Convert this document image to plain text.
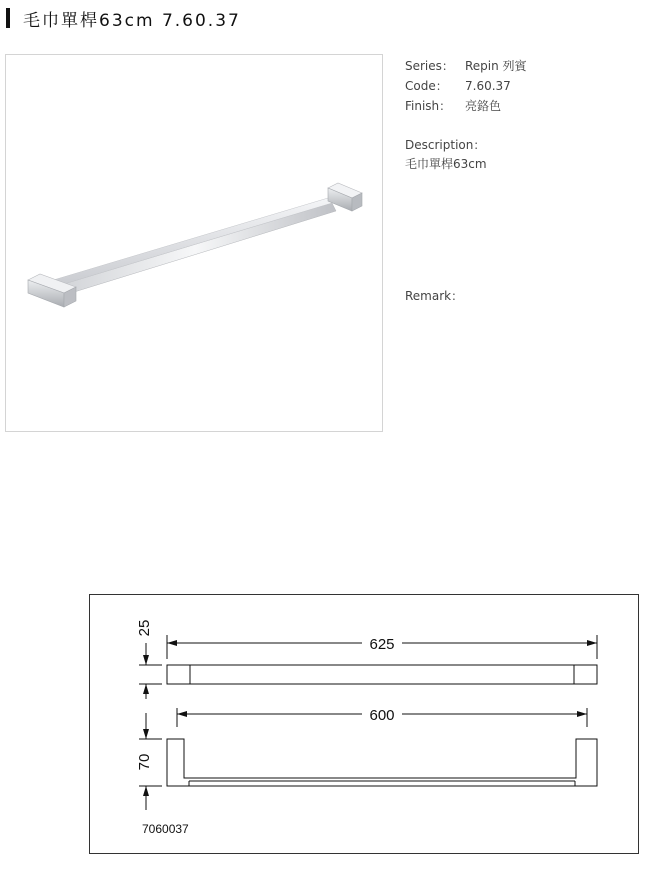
毛巾單桿63cm 7.60.37
Series： Repin 列賓
Code： 7.60.37
Finish： 亮鉻色
Description：
毛巾單桿63cm
Remark：
625
600
25
70
7060037
